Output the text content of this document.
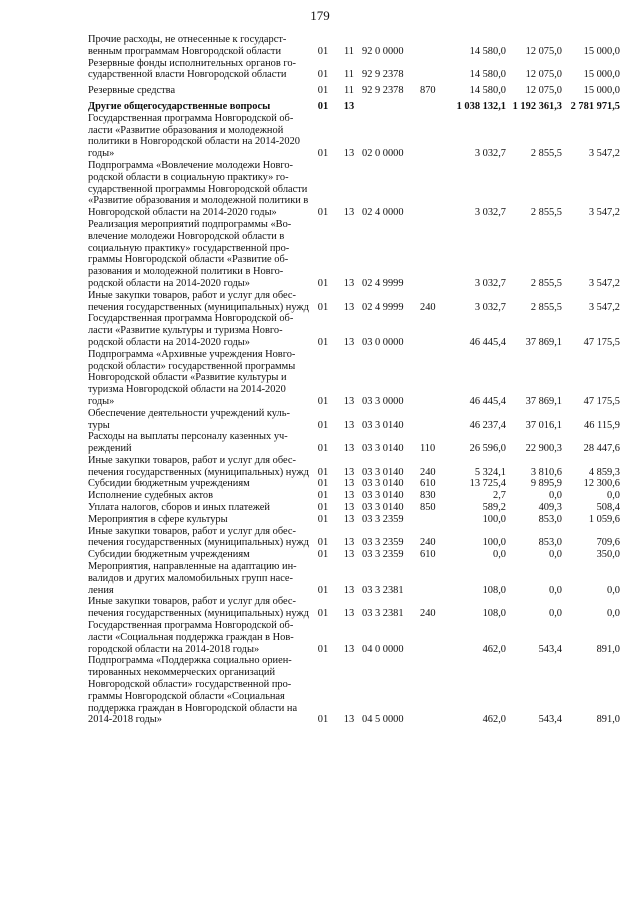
179
Прочие расходы, не отнесенные к государст-венным программам Новгородской области	01	11	92 0 0000		14 580,0	12 075,0	15 000,0
Резервные фонды исполнительных органов го-сударственной власти Новгородской области	01	11	92 9 2378		14 580,0	12 075,0	15 000,0
Резервные средства	01	11	92 9 2378	870	14 580,0	12 075,0	15 000,0
Другие общегосударственные вопросы	01	13			1 038 132,1	1 192 361,3	2 781 971,5
Государственная программа Новгородской об-ласти «Развитие образования и молодежной политики в Новгородской области на 2014-2020 годы»	01	13	02 0 0000		3 032,7	2 855,5	3 547,2
Подпрограмма «Вовлечение молодежи Новго-родской области в социальную практику» го-сударственной программы Новгородской области «Развитие образования и молодежной политики в Новгородской области на 2014-2020 годы»	01	13	02 4 0000		3 032,7	2 855,5	3 547,2
Реализация мероприятий подпрограммы «Во-влечение молодежи Новгородской области в социальную практику» государственной про-граммы Новгородской области «Развитие об-разования и молодежной политики в Новго-родской области на 2014-2020 годы»	01	13	02 4 9999		3 032,7	2 855,5	3 547,2
Иные закупки товаров, работ и услуг для обес-печения государственных (муниципальных) нужд	01	13	02 4 9999	240	3 032,7	2 855,5	3 547,2
Государственная программа Новгородской об-ласти «Развитие культуры и туризма Новго-родской области на 2014-2020 годы»	01	13	03 0 0000		46 445,4	37 869,1	47 175,5
Подпрограмма «Архивные учреждения Новго-родской области» государственной программы Новгородской области «Развитие культуры и туризма Новгородской области на 2014-2020 годы»	01	13	03 3 0000		46 445,4	37 869,1	47 175,5
Обеспечение деятельности учреждений куль-туры	01	13	03 3 0140		46 237,4	37 016,1	46 115,9
Расходы на выплаты персоналу казенных уч-реждений	01	13	03 3 0140	110	26 596,0	22 900,3	28 447,6
Иные закупки товаров, работ и услуг для обес-печения государственных (муниципальных) нужд	01	13	03 3 0140	240	5 324,1	3 810,6	4 859,3
Субсидии бюджетным учреждениям	01	13	03 3 0140	610	13 725,4	9 895,9	12 300,6
Исполнение судебных актов	01	13	03 3 0140	830	2,7	0,0	0,0
Уплата налогов, сборов и иных платежей	01	13	03 3 0140	850	589,2	409,3	508,4
Мероприятия в сфере культуры	01	13	03 3 2359		100,0	853,0	1 059,6
Иные закупки товаров, работ и услуг для обес-печения государственных (муниципальных) нужд	01	13	03 3 2359	240	100,0	853,0	709,6
Субсидии бюджетным учреждениям	01	13	03 3 2359	610	0,0	0,0	350,0
Мероприятия, направленные на адаптацию ин-валидов и других маломобильных групп насе-ления	01	13	03 3 2381		108,0	0,0	0,0
Иные закупки товаров, работ и услуг для обес-печения государственных (муниципальных) нужд	01	13	03 3 2381	240	108,0	0,0	0,0
Государственная программа Новгородской об-ласти «Социальная поддержка граждан в Нов-городской области на 2014-2018 годы»	01	13	04 0 0000		462,0	543,4	891,0
Подпрограмма «Поддержка социально ориен-тированных некоммерческих организаций Новгородской области» государственной про-граммы Новгородской области «Социальная поддержка граждан в Новгородской области на 2014-2018 годы»	01	13	04 5 0000		462,0	543,4	891,0
